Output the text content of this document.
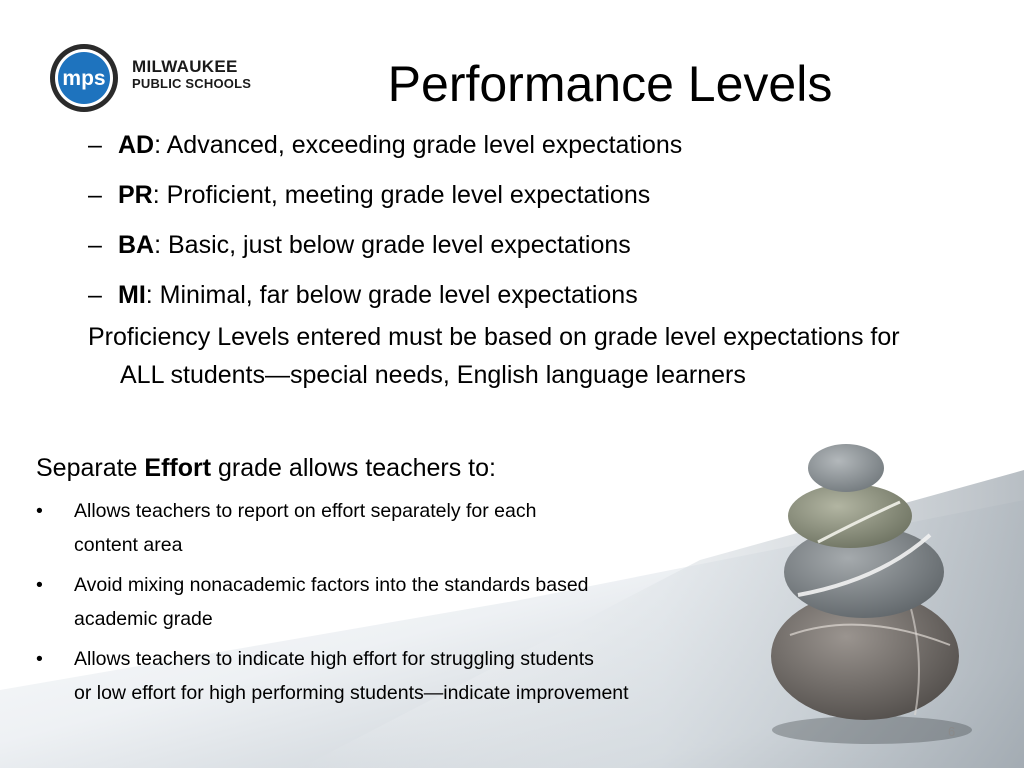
mps
MILWAUKEE
PUBLIC SCHOOLS	Performance Levels
– AD: Advanced, exceeding grade level expectations
– PR: Proficient, meeting grade level expectations
– BA: Basic, just below grade level expectations
– MI: Minimal, far below grade level expectations
Proficiency Levels entered must be based on grade level expectations for ALL students—special needs, English language learners
Separate Effort grade allows teachers to:
• Allows teachers to report on effort separately for each
content area
• Avoid mixing nonacademic factors into the standards based
academic grade
• Allows teachers to indicate high effort for struggling students
or low effort for high performing students—indicate improvement
6
